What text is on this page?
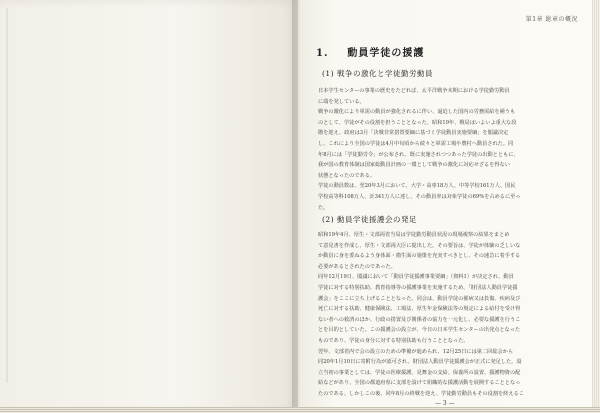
第1章 総章の概況
1. 動員学徒の援護
(1) 戦争の激化と学徒勤労動員
日本学生センターの事業の歴史をたどれば、太平洋戦争末期における学徒勤労動員
に端を発している。
戦争の激化により軍需の動員が強化されるに伴い、逼迫した国内の労務需給を補うも
のとして、学徒がその役割を担うこととなった。昭和19年、戦局はいよいよ重大な段
階を迎え、政府は3月「決戦非常措置要綱に基づく学徒動員実施要綱」を閣議決定
し、これにより全国の学徒は4月中旬頃から続々と軍需工場や農村へ動員された。同
年8月には「学徒勤労令」が公布され、既に実施されつつあった学徒の出動とともに、
我が国の教育体制は国家総動員計画の一環として戦争の激化に対応せざるを得ない
状態となったのである。
学徒の動員数は、翌20年3月において、大学・高専18万人、中等学校161万人、国民
学校高等科108万人、計341万人に達し、その動員率は対象学徒の69%を占めるに至っ
た。
(2) 動員学徒援護会の発足
昭和19年4月、厚生・文部両省当局は学徒勤労動員状況の現場視察の結果をまとめ
て意見書を作成し、厚生・文部両大臣に提出した。その要旨は、学徒が体験の乏しいな
か動員に身を委ねるよう身体面・衛生面の施策を充実すべきとし、その速急に着手する
必要があるとされたのであった。
同年12月19日、閣議において「動員学徒援護事業要綱」（資料1）が決定され、動員
学徒に対する特別扶助、教育指導等の援護事業を実施するため、「財団法人動員学徒援
護会」をここに立ち上げることとなった。同会は、動員学徒の罹病又は負傷、疾病及び
死亡に対する扶助、健康保険法、工場法、厚生年金保険法等の規定による給付を受け得
ない者への救済のほか、行政の措置及び関係者の協力を一元化し、必要な援護を行うこ
とを目的としていた。この援護会の設立が、今日の日本学生センターの出発点となった
ものであり、学徒の身分に対する特別扶助も行うこととなった。
翌年、文部省内で会の設立のための準備が進められ、12月25日には第二回総会から
同20年1月10日に寄附行為が認可され、財団法人動員学徒援護会が正式に発足した。設
立当初の事業としては、学徒の医療援護、見舞金の支給、保養所の設置、援護物資の配
給などがあり、全国の都道府県に支部を設けて組織的な援護活動を展開することとなっ
たのである。しかしこの後、同年8月の終戦を迎え、学徒勤労動員もその役割を終えるこ
— 3 —
